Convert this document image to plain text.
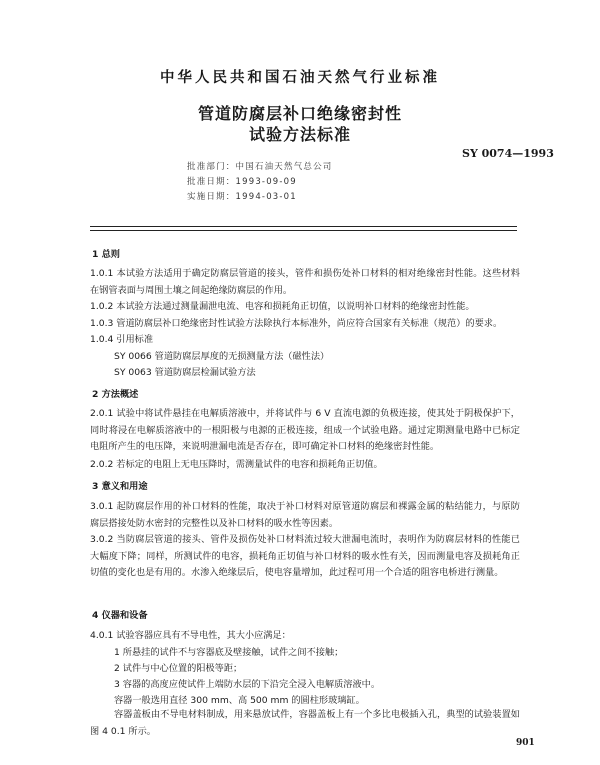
中华人民共和国石油天然气行业标准
管道防腐层补口绝缘密封性
试验方法标准
SY 0074—1993
批准部门：中国石油天然气总公司
批准日期：1993-09-09
实施日期：1994-03-01
1 总则
1.0.1 本试验方法适用于确定防腐层管道的接头，管件和损伤处补口材料的相对绝缘密封性能。这些材料在钢管表面与周围土壤之间起绝缘防腐层的作用。
1.0.2 本试验方法通过测量漏泄电流、电容和损耗角正切值，以说明补口材料的绝缘密封性能。
1.0.3 管道防腐层补口绝缘密封性试验方法除执行本标准外，尚应符合国家有关标准（规范）的要求。
1.0.4 引用标准
SY 0066 管道防腐层厚度的无损测量方法（磁性法）
SY 0063 管道防腐层检漏试验方法
2 方法概述
2.0.1 试验中将试件悬挂在电解质溶液中，并将试件与 6 V 直流电源的负极连接，使其处于阴极保护下，同时将浸在电解质溶液中的一根阳极与电源的正极连接，组成一个试验电路。通过定期测量电路中已标定电阻所产生的电压降，来说明泄漏电流是否存在，即可确定补口材料的绝缘密封性能。
2.0.2 若标定的电阻上无电压降时，需测量试件的电容和损耗角正切值。
3 意义和用途
3.0.1 起防腐层作用的补口材料的性能，取决于补口材料对原管道防腐层和裸露金属的粘结能力，与原防腐层搭接处防水密封的完整性以及补口材料的吸水性等因素。
3.0.2 当防腐层管道的接头、管件及损伤处补口材料流过较大泄漏电流时，表明作为防腐层材料的性能已大幅度下降；同样，所测试件的电容，损耗角正切值与补口材料的吸水性有关，因而测量电容及损耗角正切值的变化也是有用的。水渗入绝缘层后，使电容量增加，此过程可用一个合适的阻容电桥进行测量。
4 仪器和设备
4.0.1 试验容器应具有不导电性，其大小应满足：
1 所悬挂的试件不与容器底及壁接触，试件之间不接触；
2 试件与中心位置的阳极等距；
3 容器的高度应使试件上端防水层的下沿完全浸入电解质溶液中。
容器一般选用直径 300 mm、高 500 mm 的圆柱形玻璃缸。
容器盖板由不导电材料制成，用来悬放试件，容器盖板上有一个多比电极插入孔，典型的试验装置如图 4 0.1 所示。
901
